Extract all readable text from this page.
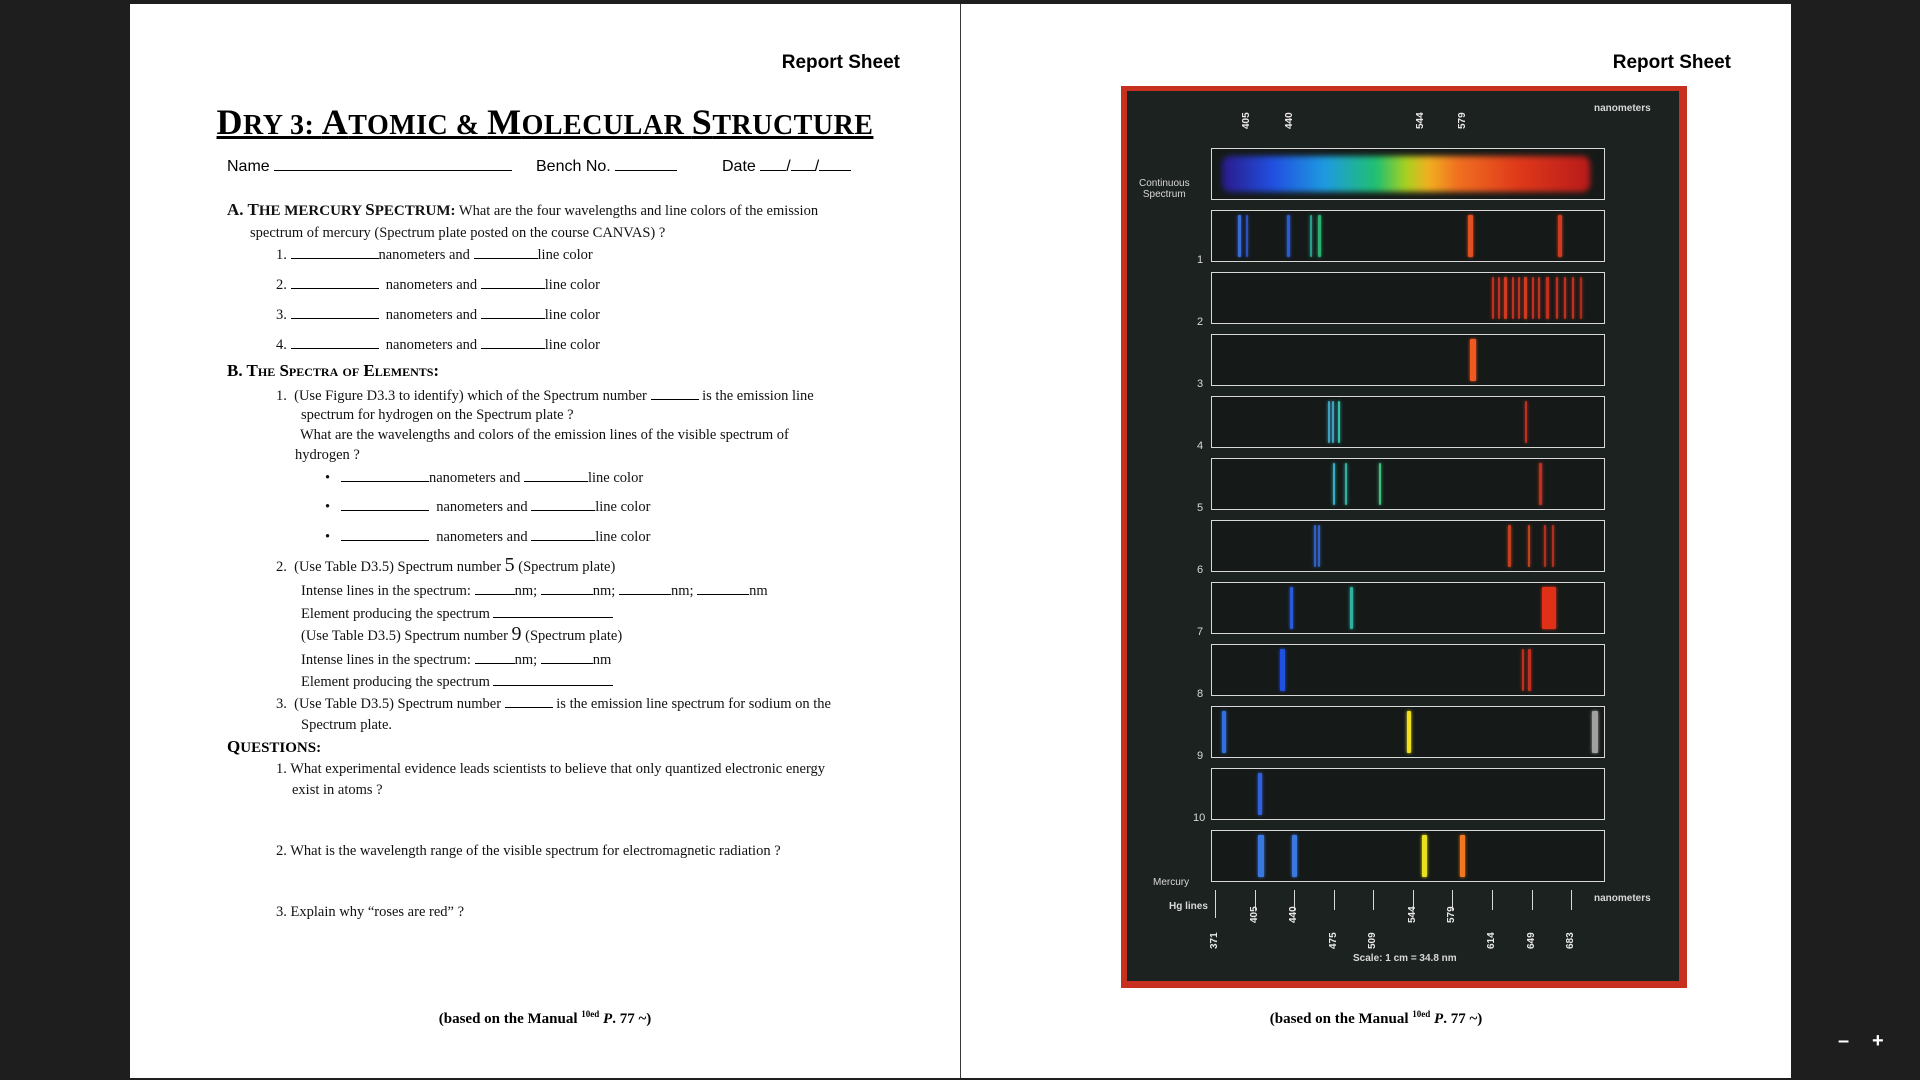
Report Sheet
DRY 3: ATOMIC & MOLECULAR STRUCTURE
Name	Bench No.	Date / /
A. THE MERCURY SPECTRUM: What are the four wavelengths and line colors of the emission
spectrum of mercury (Spectrum plate posted on the course CANVAS) ?
1.	nanometers and	line color
2.	nanometers and	line color
3.	nanometers and	line color
4.	nanometers and	line color
B. The Spectra of Elements:
1. (Use Figure D3.3 to identify) which of the Spectrum number	is the emission line
spectrum for hydrogen on the Spectrum plate ?
What are the wavelengths and colors of the emission lines of the visible spectrum of
hydrogen ?
•	nanometers and	line color
•	nanometers and	line color
•	nanometers and	line color
2. (Use Table D3.5) Spectrum number 5 (Spectrum plate)
Intense lines in the spectrum:	nm;	nm;	nm;	nm
Element producing the spectrum
(Use Table D3.5) Spectrum number 9 (Spectrum plate)
Intense lines in the spectrum:	nm;	nm
Element producing the spectrum
3. (Use Table D3.5) Spectrum number	is the emission line spectrum for sodium on the
Spectrum plate.
QUESTIONS:
1. What experimental evidence leads scientists to believe that only quantized electronic energy
exist in atoms ?
2. What is the wavelength range of the visible spectrum for electromagnetic radiation ?
3. Explain why “roses are red” ?
(based on the Manual $^{10ed}$ P. 77 ~)
Report Sheet
nanometers
nanometers
Continuous
Spectrum
Mercury
Hg lines
Scale: 1 cm = 34.8 nm
405	440	544	579
1
2
3
4
5
6
7
8
9
10
371
405	440
475	509
544	579
614	649	683
(based on the Manual $^{10ed}$ P. 77 ~)
– +
